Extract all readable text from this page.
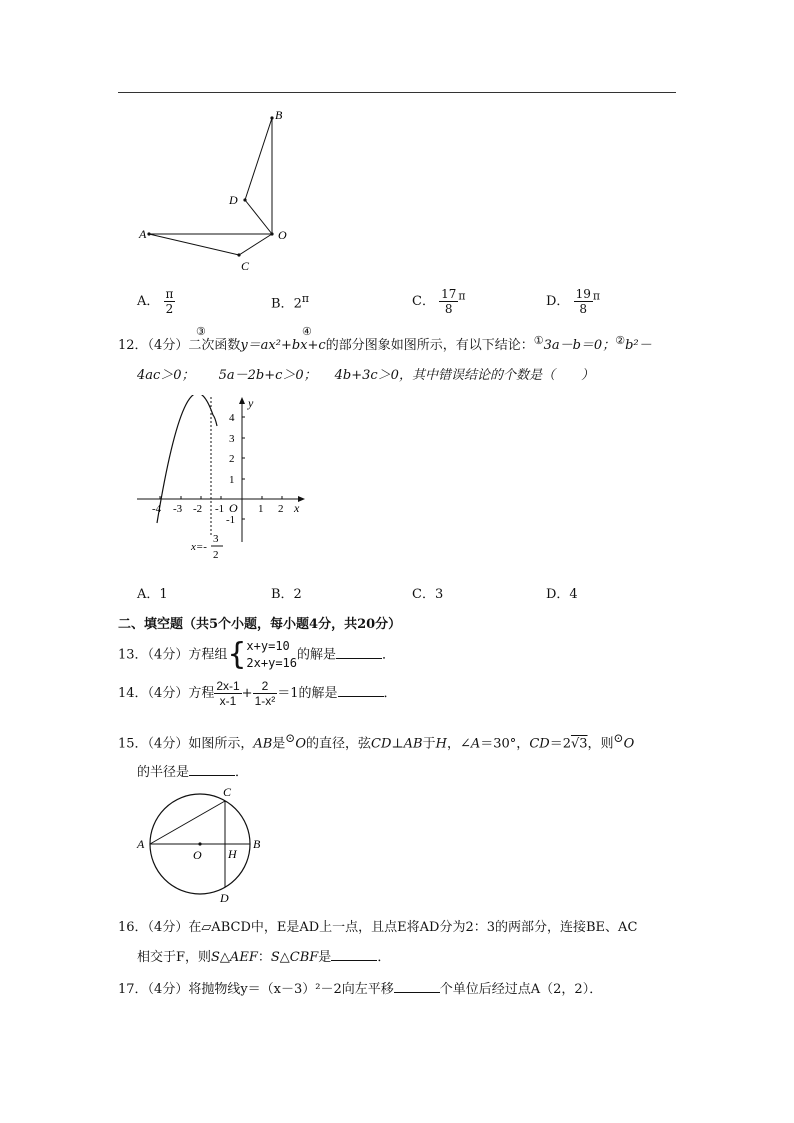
B
D
O
A
C
A． $\frac{\pi}{2}$	B．$2^\pi$	C． $\frac{17}{8} ^\pi$	D． $\frac{19}{8} ^\pi$
12．（4分）二次函数y＝ax²+bx+c的部分图象如图所示，有以下结论：①3a－b＝0；②b²－
③	④
4ac＞0； 5a－2b+c＞0； 4b+3c＞0，其中错误结论的个数是（　　）
y
x
O
-4 -3 -2 -1	1 2
4
3
2
1
-1
x=-
3
2
A．1	B．2	C．3	D．4
二、填空题（共5个小题，每小题4分，共20分）
13．（4分）方程组{ x+y=10
2x+y=16
的解是	．
14．（4分）方程 $\frac{2x-1}{x-1} + \frac{2}{\text{1-x²}} =1$的解是	．
15．（4分）如图所示，AB是⊙O的直径，弦CD⊥AB于H，∠A＝30°，CD＝2√3，则⊙O
的半径是	．
C
A	B
O H
D
16．（4分）在▱ABCD中，E是AD上一点，且点E将AD分为2：3的两部分，连接BE、AC
相交于F，则S△AEF：S△CBF是	．
17．（4分）将抛物线y＝（x－3）²－2向左平移	个单位后经过点A（2，2）．
